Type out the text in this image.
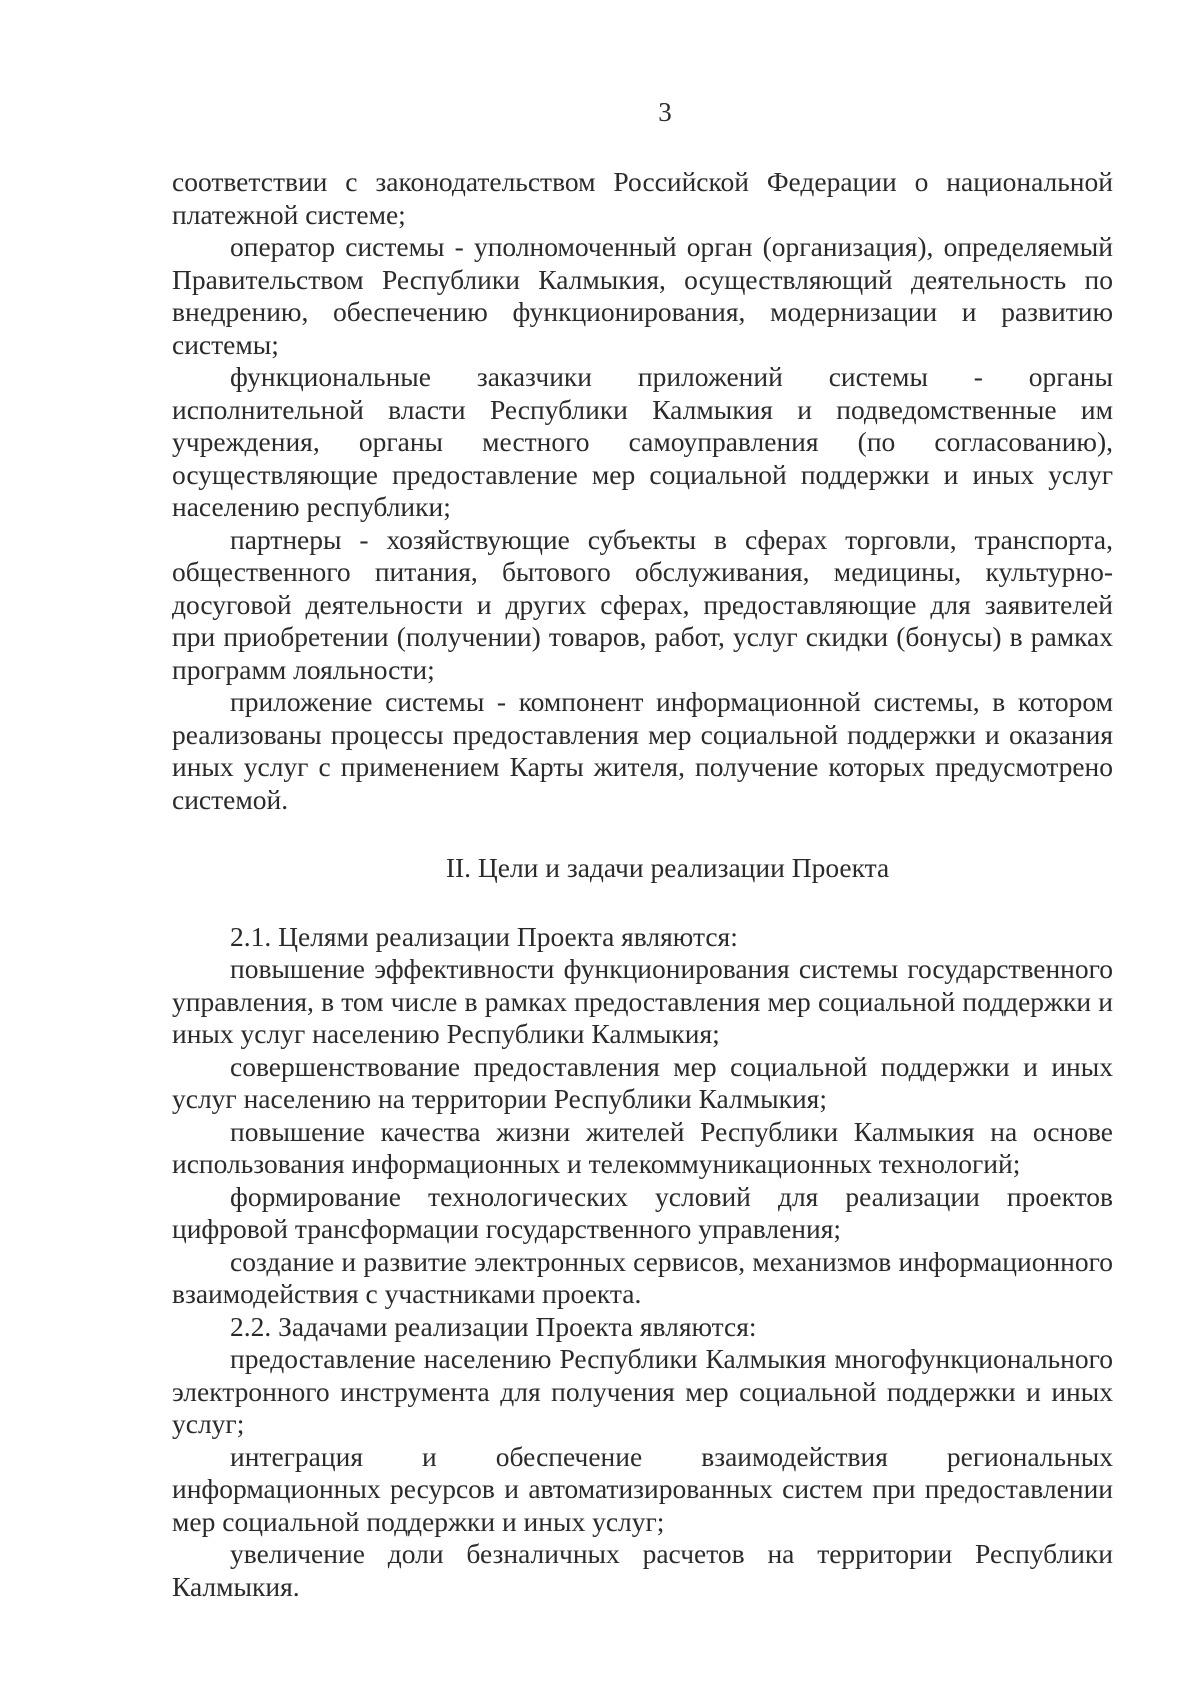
3

соответствии с законодательством Российской Федерации о национальной платежной системе;

оператор системы - уполномоченный орган (организация), определяемый Правительством Республики Калмыкия, осуществляющий деятельность по внедрению, обеспечению функционирования, модернизации и развитию системы;

функциональные заказчики приложений системы - органы исполнительной власти Республики Калмыкия и подведомственные им учреждения, органы местного самоуправления (по согласованию), осуществляющие предоставление мер социальной поддержки и иных услуг населению республики;

партнеры - хозяйствующие субъекты в сферах торговли, транспорта, общественного питания, бытового обслуживания, медицины, культурно-досуговой деятельности и других сферах, предоставляющие для заявителей при приобретении (получении) товаров, работ, услуг скидки (бонусы) в рамках программ лояльности;

приложение системы - компонент информационной системы, в котором реализованы процессы предоставления мер социальной поддержки и оказания иных услуг с применением Карты жителя, получение которых предусмотрено системой.

II. Цели и задачи реализации Проекта

2.1. Целями реализации Проекта являются:

повышение эффективности функционирования системы государственного управления, в том числе в рамках предоставления мер социальной поддержки и иных услуг населению Республики Калмыкия;

совершенствование предоставления мер социальной поддержки и иных услуг населению на территории Республики Калмыкия;

повышение качества жизни жителей Республики Калмыкия на основе использования информационных и телекоммуникационных технологий;

формирование технологических условий для реализации проектов цифровой трансформации государственного управления;

создание и развитие электронных сервисов, механизмов информационного взаимодействия с участниками проекта.

2.2. Задачами реализации Проекта являются:

предоставление населению Республики Калмыкия многофункционального электронного инструмента для получения мер социальной поддержки и иных услуг;

интеграция и обеспечение взаимодействия региональных информационных ресурсов и автоматизированных систем при предоставлении мер социальной поддержки и иных услуг;

увеличение доли безналичных расчетов на территории Республики Калмыкия.
